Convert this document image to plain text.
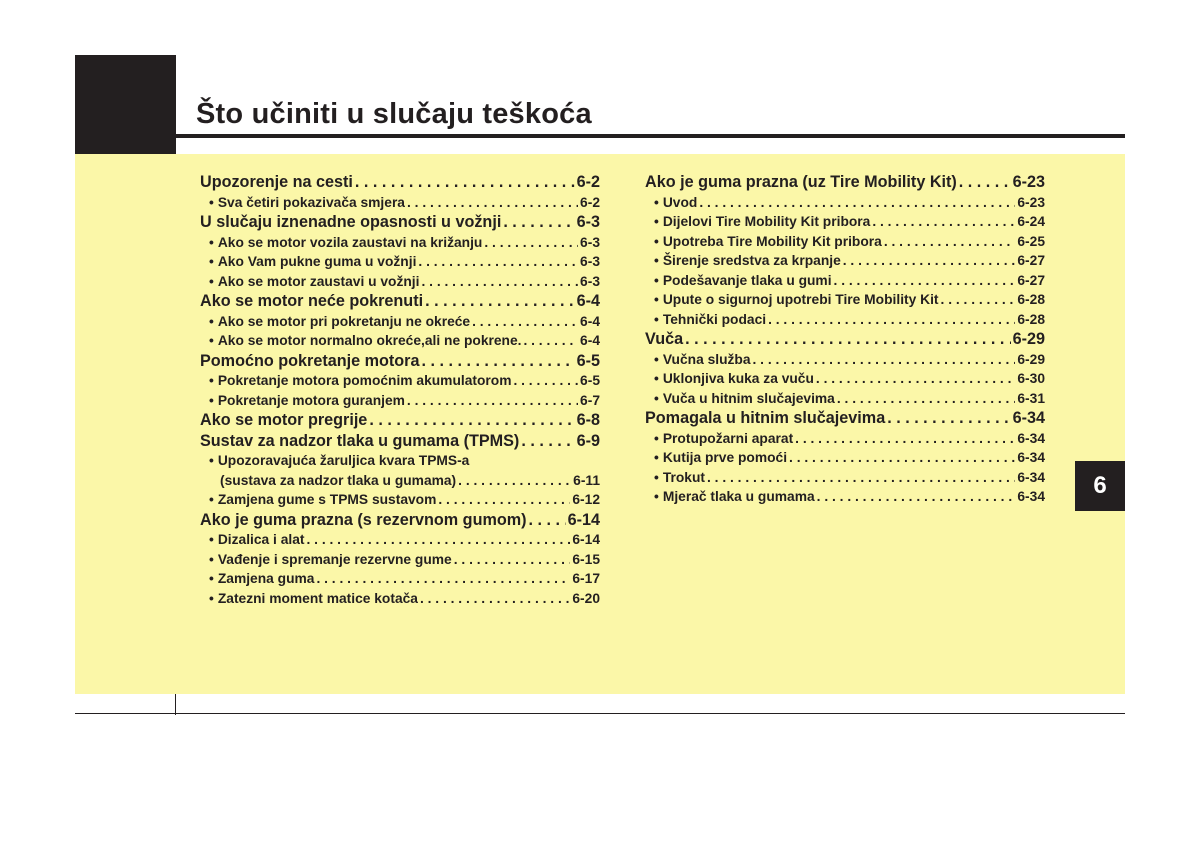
Što učiniti u slučaju teškoća
6
Upozorenje na cesti . . .	6-2
• Sva četiri pokazivača smjera . . .	6-2
U slučaju iznenadne opasnosti u vožnji . . .	6-3
• Ako se motor vozila zaustavi na križanju . . .	6-3
• Ako Vam pukne guma u vožnji . . .	6-3
• Ako se motor zaustavi u vožnji . . .	6-3
Ako se motor neće pokrenuti . . .	6-4
• Ako se motor pri pokretanju ne okreće . . .	6-4
• Ako se motor normalno okreće,ali ne pokrene. . . .	6-4
Pomoćno pokretanje motora . . .	6-5
• Pokretanje motora pomoćnim akumulatorom . . .	6-5
• Pokretanje motora guranjem . . .	6-7
Ako se motor pregrije . . .	6-8
Sustav za nadzor tlaka u gumama (TPMS) . . .	6-9
• Upozoravajuća žaruljica kvara TPMS-a
(sustava za nadzor tlaka u gumama) . . .	6-11
• Zamjena gume s TPMS sustavom . . .	6-12
Ako je guma prazna (s rezervnom gumom) . . .	6-14
• Dizalica i alat . . .	6-14
• Vađenje i spremanje rezervne gume . . .	6-15
• Zamjena guma . . .	6-17
• Zatezni moment matice kotača . . .	6-20
Ako je guma prazna (uz Tire Mobility Kit) . . .	6-23
• Uvod . . .	6-23
• Dijelovi Tire Mobility Kit pribora . . .	6-24
• Upotreba Tire Mobility Kit pribora . . .	6-25
• Širenje sredstva za krpanje . . .	6-27
• Podešavanje tlaka u gumi . . .	6-27
• Upute o sigurnoj upotrebi Tire Mobility Kit . . .	6-28
• Tehnički podaci . . .	6-28
Vuča . . .	6-29
• Vučna služba . . .	6-29
• Uklonjiva kuka za vuču . . .	6-30
• Vuča u hitnim slučajevima . . .	6-31
Pomagala u hitnim slučajevima . . .	6-34
• Protupožarni aparat . . .	6-34
• Kutija prve pomoći . . .	6-34
• Trokut . . .	6-34
• Mjerač tlaka u gumama . . .	6-34
